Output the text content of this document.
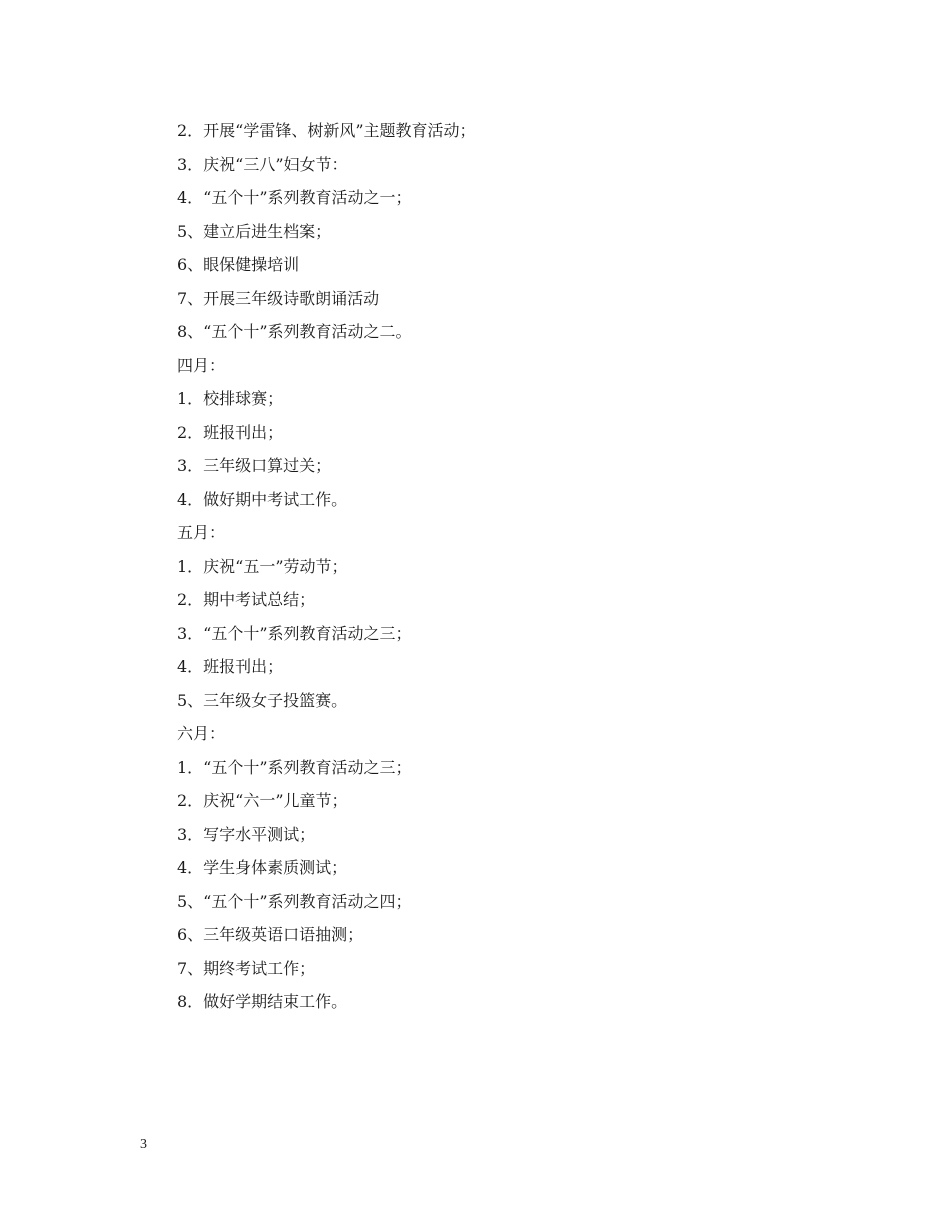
2．开展“学雷锋、树新风”主题教育活动；
3．庆祝“三八”妇女节：
4．“五个十”系列教育活动之一；
5、建立后进生档案；
6、眼保健操培训
7、开展三年级诗歌朗诵活动
8、“五个十”系列教育活动之二。
四月：
1．校排球赛；
2．班报刊出；
3．三年级口算过关；
4．做好期中考试工作。
五月：
1．庆祝“五一”劳动节；
2．期中考试总结；
3．“五个十”系列教育活动之三；
4．班报刊出；
5、三年级女子投篮赛。
六月：
1．“五个十”系列教育活动之三；
2．庆祝“六一”儿童节；
3．写字水平测试；
4．学生身体素质测试；
5、“五个十”系列教育活动之四；
6、三年级英语口语抽测；
7、期终考试工作；
8．做好学期结束工作。
3
